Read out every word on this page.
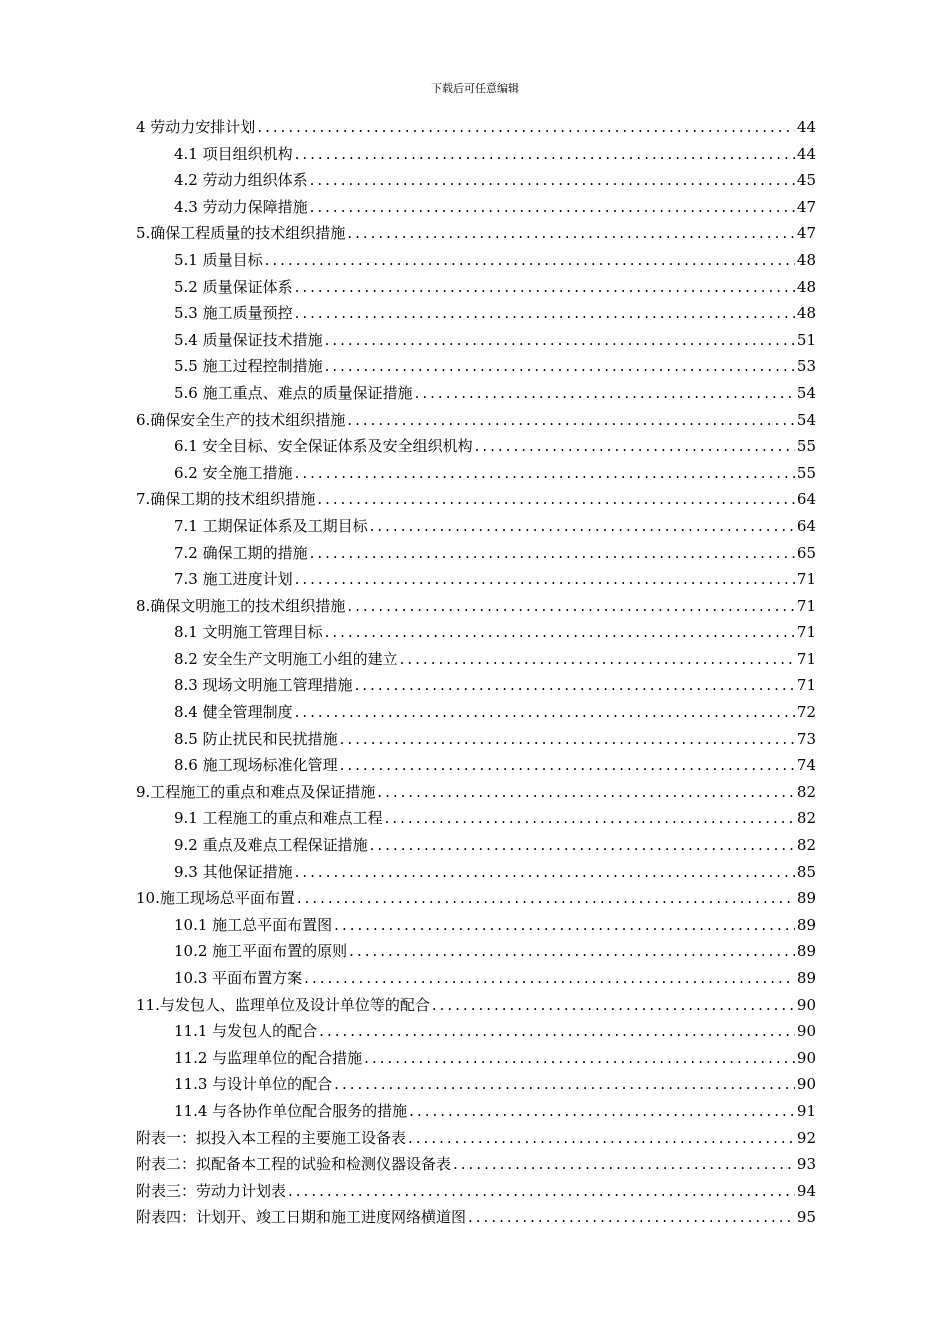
下载后可任意编辑
4 劳动力安排计划 .....	44
4.1 项目组织机构 .....	44
4.2 劳动力组织体系 .....	45
4.3 劳动力保障措施 .....	47
5.确保工程质量的技术组织措施 .....	47
5.1 质量目标 .....	48
5.2 质量保证体系 .....	48
5.3 施工质量预控 .....	48
5.4 质量保证技术措施 .....	51
5.5 施工过程控制措施 .....	53
5.6 施工重点、难点的质量保证措施 .....	54
6.确保安全生产的技术组织措施 .....	54
6.1 安全目标、安全保证体系及安全组织机构 .....	55
6.2 安全施工措施 .....	55
7.确保工期的技术组织措施 .....	64
7.1 工期保证体系及工期目标 .....	64
7.2 确保工期的措施 .....	65
7.3 施工进度计划 .....	71
8.确保文明施工的技术组织措施 .....	71
8.1 文明施工管理目标 .....	71
8.2 安全生产文明施工小组的建立 .....	71
8.3 现场文明施工管理措施 .....	71
8.4 健全管理制度 .....	72
8.5 防止扰民和民扰措施 .....	73
8.6 施工现场标准化管理 .....	74
9.工程施工的重点和难点及保证措施 .....	82
9.1 工程施工的重点和难点工程 .....	82
9.2 重点及难点工程保证措施 .....	82
9.3 其他保证措施 .....	85
10.施工现场总平面布置 .....	89
10.1 施工总平面布置图 .....	89
10.2 施工平面布置的原则 .....	89
10.3 平面布置方案 .....	89
11.与发包人、监理单位及设计单位等的配合 .....	90
11.1 与发包人的配合 .....	90
11.2 与监理单位的配合措施 .....	90
11.3 与设计单位的配合 .....	90
11.4 与各协作单位配合服务的措施 .....	91
附表一：拟投入本工程的主要施工设备表 .....	92
附表二：拟配备本工程的试验和检测仪器设备表 .....	93
附表三：劳动力计划表 .....	94
附表四：计划开、竣工日期和施工进度网络横道图 .....	95
